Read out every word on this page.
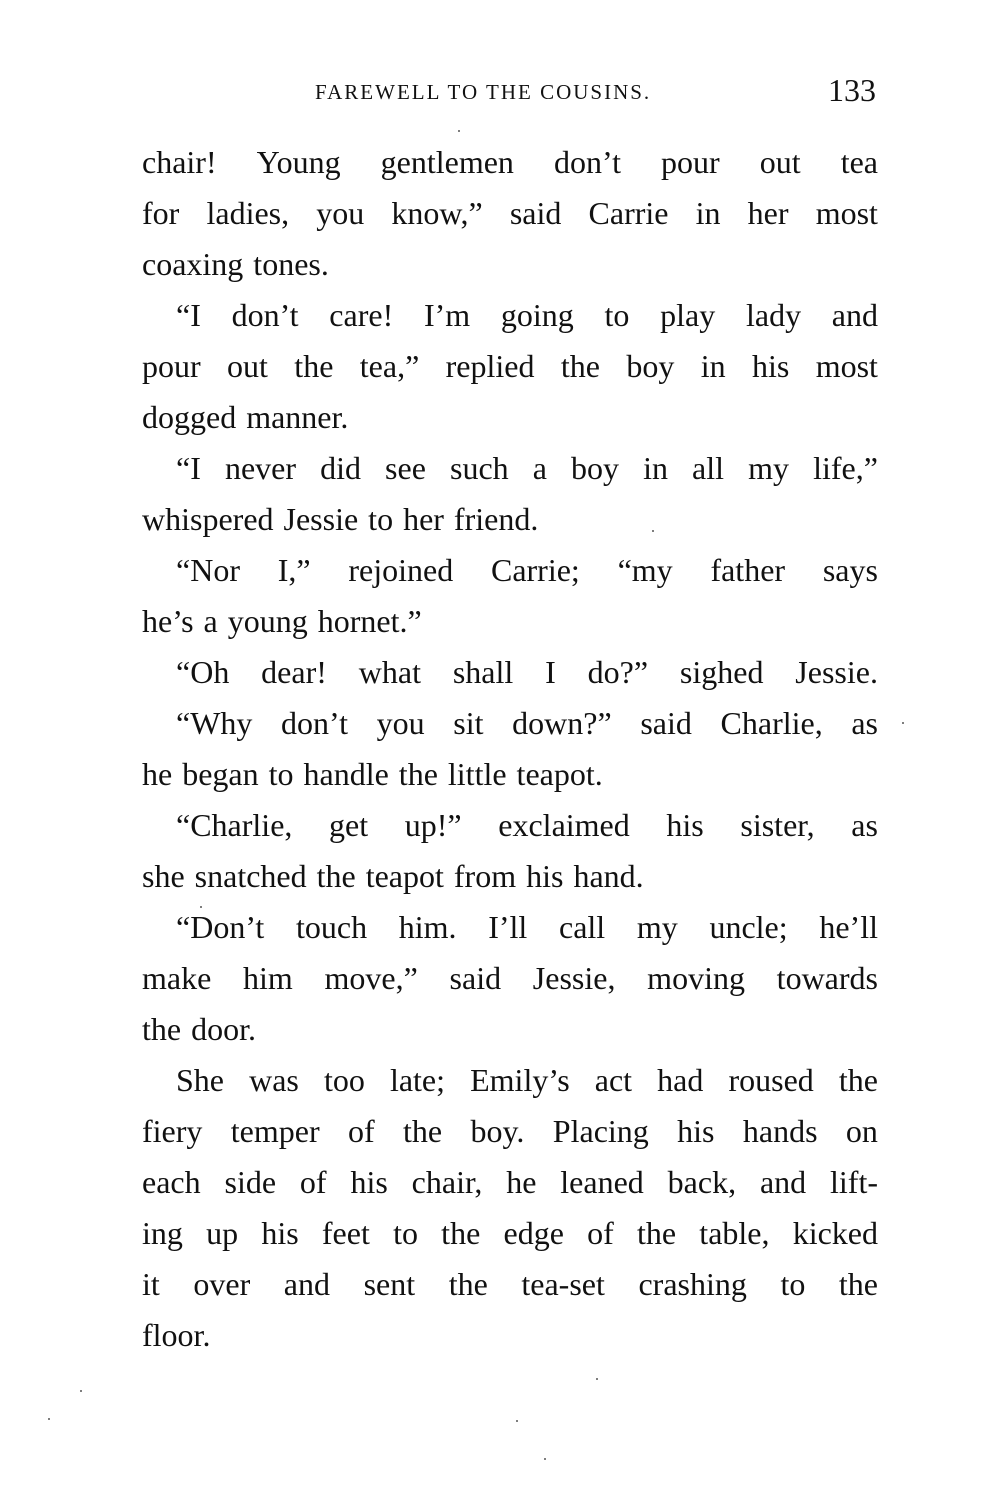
FAREWELL TO THE COUSINS.	133
chair! Young gentlemen don’t pour out tea
for ladies, you know,” said Carrie in her most
coaxing tones.
“I don’t care! I’m going to play lady and
pour out the tea,” replied the boy in his most
dogged manner.
“I never did see such a boy in all my life,”
whispered Jessie to her friend.
“Nor I,” rejoined Carrie; “my father says
he’s a young hornet.”
“Oh dear! what shall I do?” sighed Jessie.
“Why don’t you sit down?” said Charlie, as
he began to handle the little teapot.
“Charlie, get up!” exclaimed his sister, as
she snatched the teapot from his hand.
“Don’t touch him. I’ll call my uncle; he’ll
make him move,” said Jessie, moving towards
the door.
She was too late; Emily’s act had roused the
fiery temper of the boy. Placing his hands on
each side of his chair, he leaned back, and lift-
ing up his feet to the edge of the table, kicked
it over and sent the tea-set crashing to the
floor.
